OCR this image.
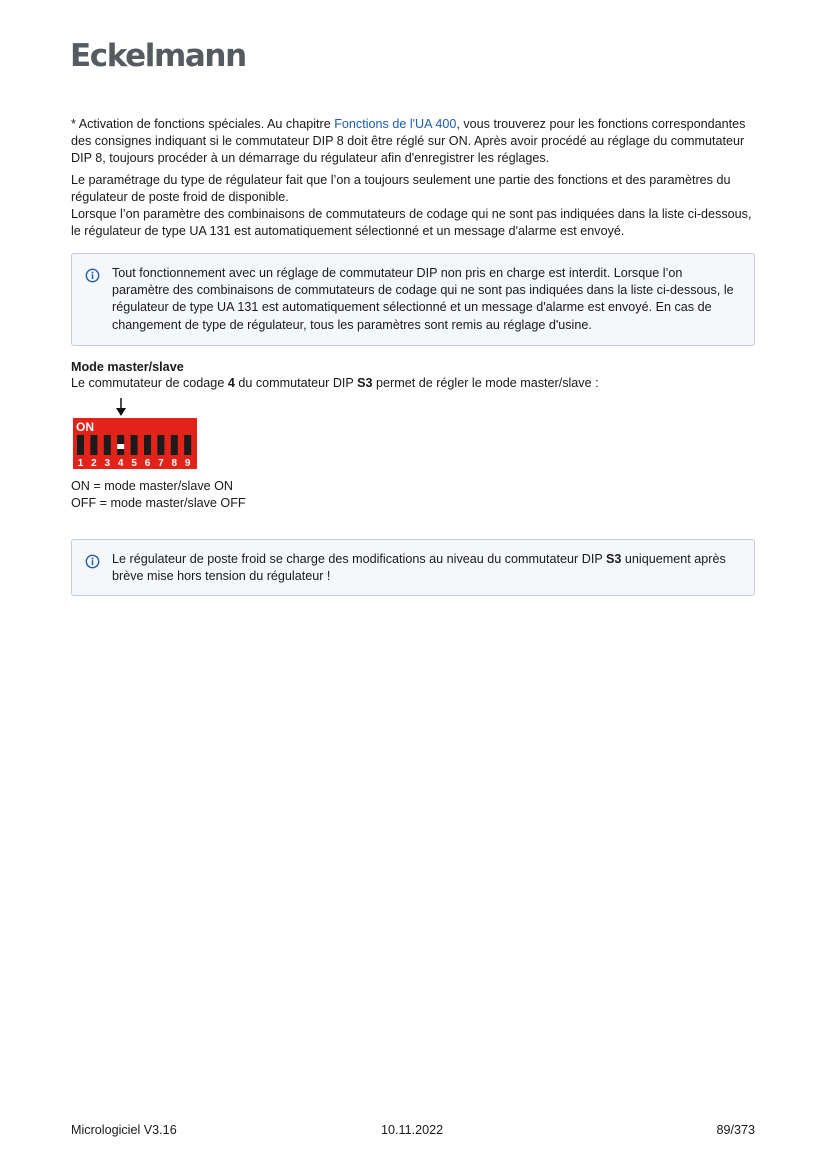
Eckelmann

* Activation de fonctions spéciales. Au chapitre Fonctions de l'UA 400, vous trouverez pour les fonctions correspondantes des consignes indiquant si le commutateur DIP 8 doit être réglé sur ON. Après avoir procédé au réglage du commutateur DIP 8, toujours procéder à un démarrage du régulateur afin d'enregistrer les réglages.

Le paramétrage du type de régulateur fait que l’on a toujours seulement une partie des fonctions et des paramètres du régulateur de poste froid de disponible.

Lorsque l’on paramètre des combinaisons de commutateurs de codage qui ne sont pas indiquées dans la liste ci-dessous, le régulateur de type UA 131 est automatiquement sélectionné et un message d'alarme est envoyé.

Tout fonctionnement avec un réglage de commutateur DIP non pris en charge est interdit. Lorsque l’on paramètre des combinaisons de commutateurs de codage qui ne sont pas indiquées dans la liste ci-dessous, le régulateur de type UA 131 est automatiquement sélectionné et un message d'alarme est envoyé. En cas de changement de type de régulateur, tous les paramètres sont remis au réglage d'usine.

Mode master/slave

Le commutateur de codage 4 du commutateur DIP S3 permet de régler le mode master/slave :

ON
1 2 3 4 5 6 7 8 9

ON = mode master/slave ON

OFF = mode master/slave OFF

Le régulateur de poste froid se charge des modifications au niveau du commutateur DIP S3 uniquement après brève mise hors tension du régulateur !

Micrologiciel V3.16	10.11.2022	89/373
